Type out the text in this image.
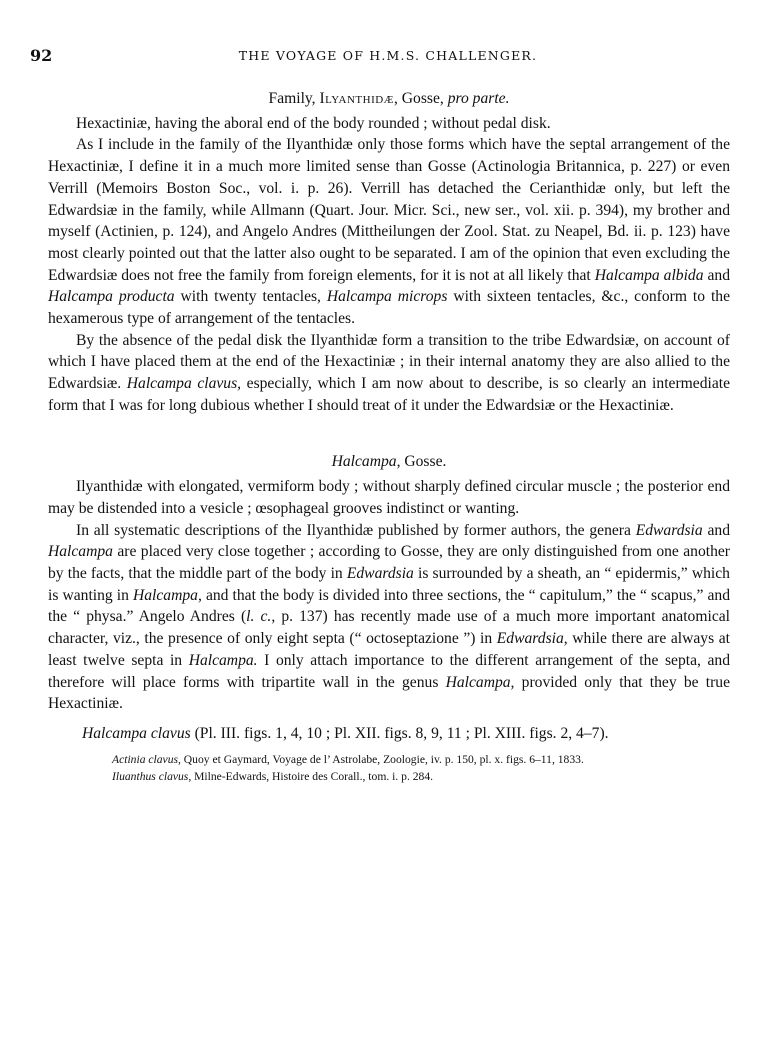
92	THE VOYAGE OF H.M.S. CHALLENGER.

Family, Ilyanthidæ, Gosse, pro parte.

Hexactiniæ, having the aboral end of the body rounded ; without pedal disk.

As I include in the family of the Ilyanthidæ only those forms which have the septal arrangement of the Hexactiniæ, I define it in a much more limited sense than Gosse (Actinologia Britannica, p. 227) or even Verrill (Memoirs Boston Soc., vol. i. p. 26). Verrill has detached the Cerianthidæ only, but left the Edwardsiæ in the family, while Allmann (Quart. Jour. Micr. Sci., new ser., vol. xii. p. 394), my brother and myself (Actinien, p. 124), and Angelo Andres (Mittheilungen der Zool. Stat. zu Neapel, Bd. ii. p. 123) have most clearly pointed out that the latter also ought to be separated. I am of the opinion that even excluding the Edwardsiæ does not free the family from foreign elements, for it is not at all likely that Halcampa albida and Halcampa producta with twenty tentacles, Halcampa microps with sixteen tentacles, &c., conform to the hexamerous type of arrangement of the tentacles.

By the absence of the pedal disk the Ilyanthidæ form a transition to the tribe Edwardsiæ, on account of which I have placed them at the end of the Hexactiniæ ; in their internal anatomy they are also allied to the Edwardsiæ. Halcampa clavus, especially, which I am now about to describe, is so clearly an intermediate form that I was for long dubious whether I should treat of it under the Edwardsiæ or the Hexactiniæ.

Halcampa, Gosse.

Ilyanthidæ with elongated, vermiform body ; without sharply defined circular muscle ; the posterior end may be distended into a vesicle ; œsophageal grooves indistinct or wanting.

In all systematic descriptions of the Ilyanthidæ published by former authors, the genera Edwardsia and Halcampa are placed very close together ; according to Gosse, they are only distinguished from one another by the facts, that the middle part of the body in Edwardsia is surrounded by a sheath, an “ epidermis,” which is wanting in Halcampa, and that the body is divided into three sections, the “ capitulum,” the “ scapus,” and the “ physa.” Angelo Andres (l. c., p. 137) has recently made use of a much more important anatomical character, viz., the presence of only eight septa (“ octoseptazione ”) in Edwardsia, while there are always at least twelve septa in Halcampa. I only attach importance to the different arrangement of the septa, and therefore will place forms with tripartite wall in the genus Halcampa, provided only that they be true Hexactiniæ.

Halcampa clavus (Pl. III. figs. 1, 4, 10 ; Pl. XII. figs. 8, 9, 11 ; Pl. XIII. figs. 2, 4–7).

Actinia clavus, Quoy et Gaymard, Voyage de l’ Astrolabe, Zoologie, iv. p. 150, pl. x. figs. 6–11, 1833.

Iluanthus clavus, Milne-Edwards, Histoire des Corall., tom. i. p. 284.
